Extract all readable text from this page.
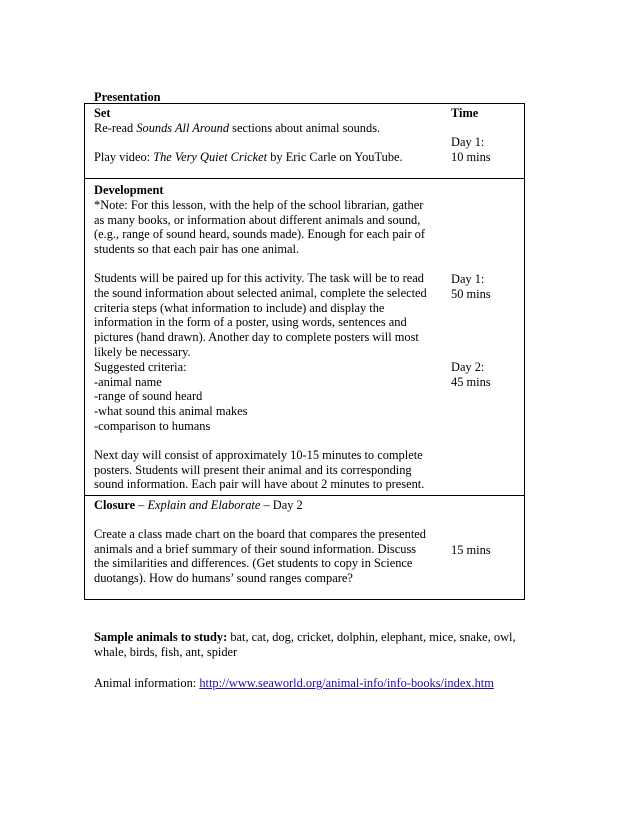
Presentation
Set
Re-read Sounds All Around sections about animal sounds.
Play video: The Very Quiet Cricket by Eric Carle on YouTube.
Time
Day 1:
10 mins
Development
*Note: For this lesson, with the help of the school librarian, gather
as many books, or information about different animals and sound,
(e.g., range of sound heard, sounds made). Enough for each pair of
students so that each pair has one animal.
Students will be paired up for this activity. The task will be to read
the sound information about selected animal, complete the selected
criteria steps (what information to include) and display the
information in the form of a poster, using words, sentences and
pictures (hand drawn). Another day to complete posters will most
likely be necessary.
Suggested criteria:
-animal name
-range of sound heard
-what sound this animal makes
-comparison to humans
Next day will consist of approximately 10-15 minutes to complete
posters. Students will present their animal and its corresponding
sound information. Each pair will have about 2 minutes to present.
Day 1:
50 mins
Day 2:
45 mins
Closure – Explain and Elaborate – Day 2
Create a class made chart on the board that compares the presented
animals and a brief summary of their sound information. Discuss
the similarities and differences. (Get students to copy in Science
duotangs). How do humans’ sound ranges compare?
15 mins
Sample animals to study: bat, cat, dog, cricket, dolphin, elephant, mice, snake, owl,
whale, birds, fish, ant, spider
Animal information: http://www.seaworld.org/animal-info/info-books/index.htm
